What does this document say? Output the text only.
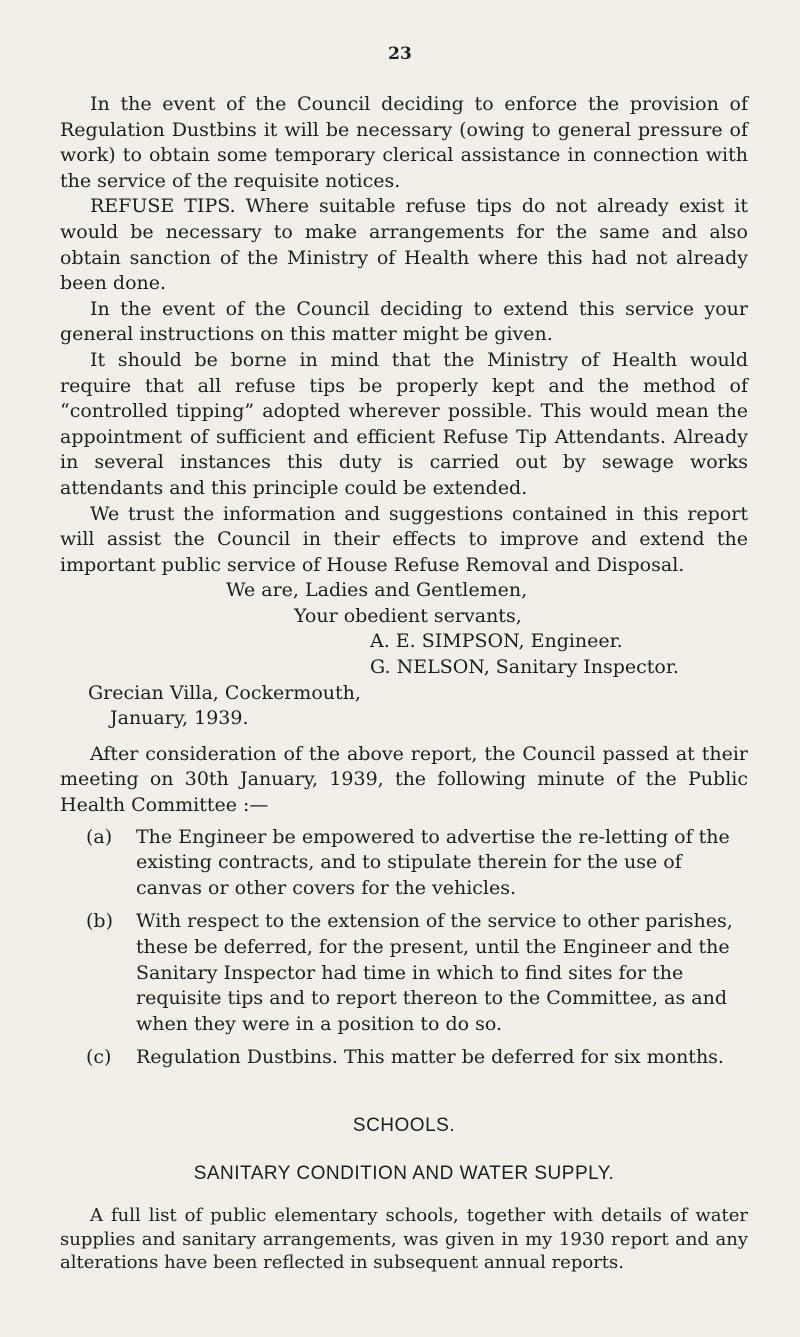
23

In the event of the Council deciding to enforce the provision of Regulation Dustbins it will be necessary (owing to general pressure of work) to obtain some temporary clerical assistance in connection with the service of the requisite notices.

REFUSE TIPS. Where suitable refuse tips do not already exist it would be necessary to make arrangements for the same and also obtain sanction of the Ministry of Health where this had not already been done.

In the event of the Council deciding to extend this service your general instructions on this matter might be given.

It should be borne in mind that the Ministry of Health would require that all refuse tips be properly kept and the method of “controlled tipping” adopted wherever possible. This would mean the appointment of sufficient and efficient Refuse Tip Attendants. Already in several instances this duty is carried out by sewage works attendants and this principle could be extended.

We trust the information and suggestions contained in this report will assist the Council in their effects to improve and extend the important public service of House Refuse Removal and Disposal.

We are, Ladies and Gentlemen,
Your obedient servants,
A. E. SIMPSON, Engineer.
G. NELSON, Sanitary Inspector.
Grecian Villa, Cockermouth,
January, 1939.

After consideration of the above report, the Council passed at their meeting on 30th January, 1939, the following minute of the Public Health Committee :—

(a)	The Engineer be empowered to advertise the re-letting of the existing contracts, and to stipulate therein for the use of canvas or other covers for the vehicles.
(b)	With respect to the extension of the service to other parishes, these be deferred, for the present, until the Engineer and the Sanitary Inspector had time in which to find sites for the requisite tips and to report thereon to the Committee, as and when they were in a position to do so.
(c)	Regulation Dustbins. This matter be deferred for six months.
SCHOOLS.
SANITARY CONDITION AND WATER SUPPLY.

A full list of public elementary schools, together with details of water supplies and sanitary arrangements, was given in my 1930 report and any alterations have been reflected in subsequent annual reports.
